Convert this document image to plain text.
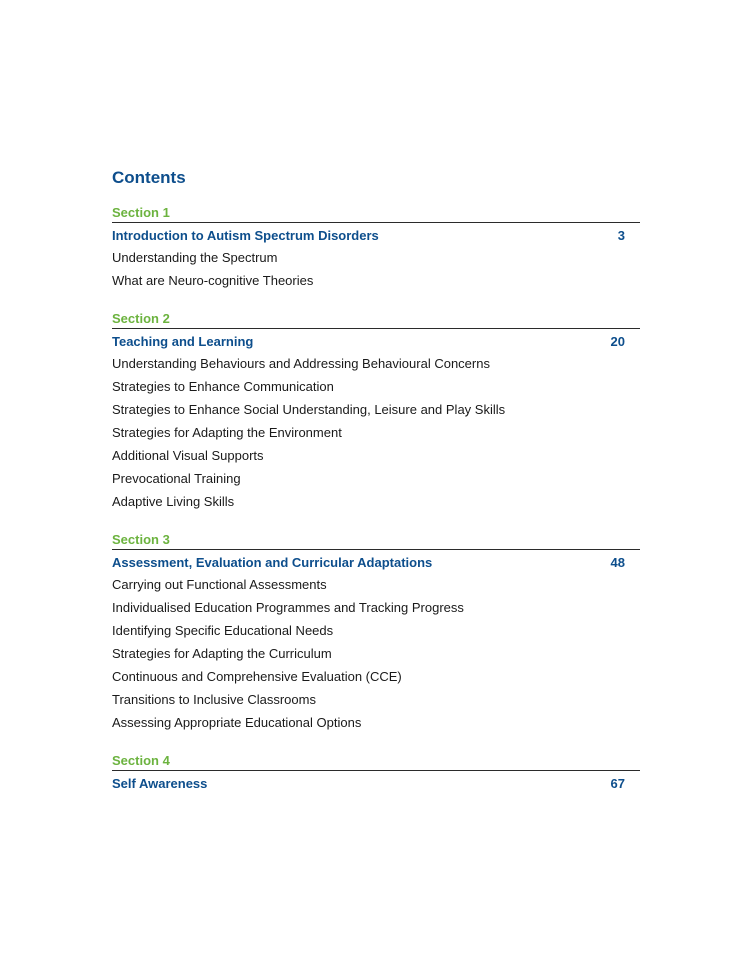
Contents
Section 1
Introduction to Autism Spectrum Disorders	3
Understanding the Spectrum
What are Neuro-cognitive Theories
Section 2
Teaching and Learning	20
Understanding Behaviours and Addressing Behavioural Concerns
Strategies to Enhance Communication
Strategies to Enhance Social Understanding, Leisure and Play Skills
Strategies for Adapting the Environment
Additional Visual Supports
Prevocational Training
Adaptive Living Skills
Section 3
Assessment, Evaluation and Curricular Adaptations	48
Carrying out Functional Assessments
Individualised Education Programmes and Tracking Progress
Identifying Specific Educational Needs
Strategies for Adapting the Curriculum
Continuous and Comprehensive Evaluation (CCE)
Transitions to Inclusive Classrooms
Assessing Appropriate Educational Options
Section 4
Self Awareness	67
